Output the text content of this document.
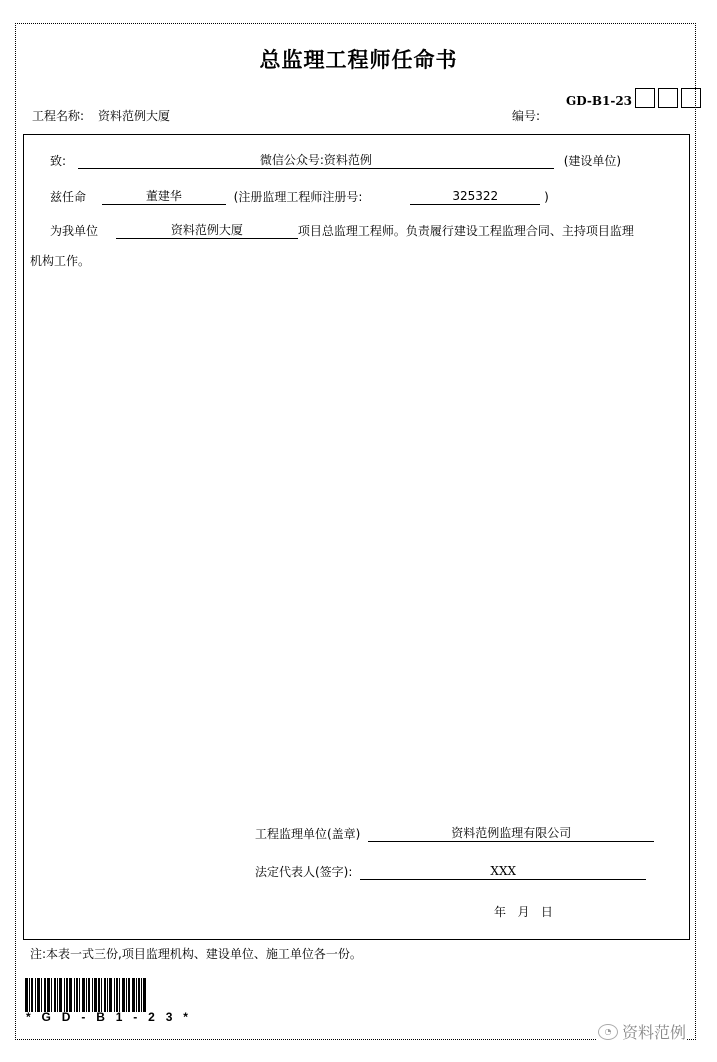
总监理工程师任命书
GD-B1-23
工程名称: 资料范例大厦	编号:
致:	微信公众号:资料范例	(建设单位)
兹任命	董建华	(注册监理工程师注册号:	325322	)
为我单位	资料范例大厦	项目总监理工程师。负责履行建设工程监理合同、主持项目监理
机构工作。
工程监理单位(盖章)	资料范例监理有限公司
法定代表人(签字):	XXX
年   月   日
注:本表一式三份,项目监理机构、建设单位、施工单位各一份。
* G D - B 1 - 2 3 *
◔ 资料范例
